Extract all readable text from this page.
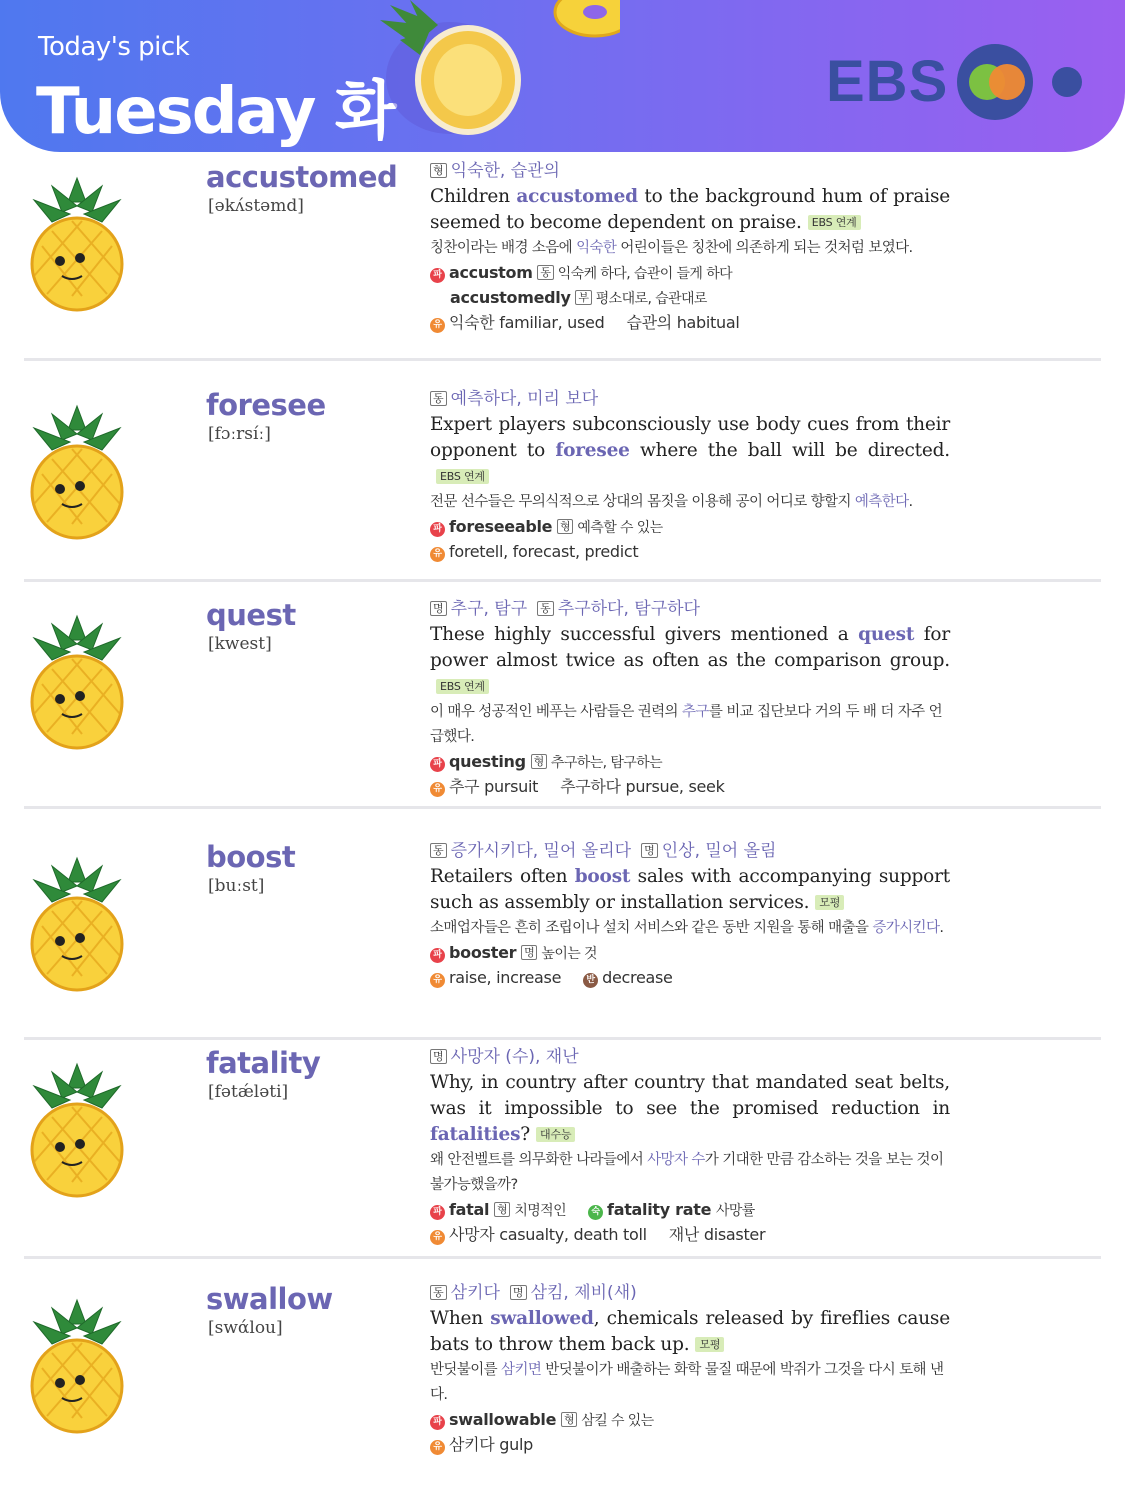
Today's pick
Tuesday 화	EBS
accustomed
[əkʌ́stəmd]
형 익숙한, 습관의
Children accustomed to the background hum of praise seemed to become dependent on praise. EBS 연계
칭찬이라는 배경 소음에 익숙한 어린이들은 칭찬에 의존하게 되는 것처럼 보였다.
파 accustom 동 익숙케 하다, 습관이 들게 하다
accustomedly 부 평소대로, 습관대로
유 익숙한 familiar, used 습관의 habitual
foresee
[fɔːrsíː]
동 예측하다, 미리 보다
Expert players subconsciously use body cues from their opponent to foresee where the ball will be directed.EBS 연계
전문 선수들은 무의식적으로 상대의 몸짓을 이용해 공이 어디로 향할지 예측한다.
파 foreseeable 형 예측할 수 있는
유 foretell, forecast, predict
quest
[kwest]
명 추구, 탐구 동 추구하다, 탐구하다
These highly successful givers mentioned a quest for power almost twice as often as the comparison group.EBS 연계
이 매우 성공적인 베푸는 사람들은 권력의 추구를 비교 집단보다 거의 두 배 더 자주 언급했다.
파 questing 형 추구하는, 탐구하는
유 추구 pursuit 추구하다 pursue, seek
boost
[buːst]
동 증가시키다, 밀어 올리다 명 인상, 밀어 올림
Retailers often boost sales with accompanying support such as assembly or installation services. 모평
소매업자들은 흔히 조립이나 설치 서비스와 같은 동반 지원을 통해 매출을 증가시킨다.
파 booster 명 높이는 것
유 raise, increase	반 decrease
fatality
[fətǽləti]
명 사망자 (수), 재난
Why, in country after country that mandated seat belts, was it impossible to see the promised reduction in fatalities? 대수능
왜 안전벨트를 의무화한 나라들에서 사망자 수가 기대한 만큼 감소하는 것을 보는 것이 불가능했을까?
파 fatal 형 치명적인	숙 fatality rate 사망률
유 사망자 casualty, death toll 재난 disaster
swallow
[swάlou]
동 삼키다 명 삼킴, 제비(새)
When swallowed, chemicals released by fireflies cause bats to throw them back up. 모평
반딧불이를 삼키면 반딧불이가 배출하는 화학 물질 때문에 박쥐가 그것을 다시 토해 낸다.
파 swallowable 형 삼킬 수 있는
유 삼키다 gulp
